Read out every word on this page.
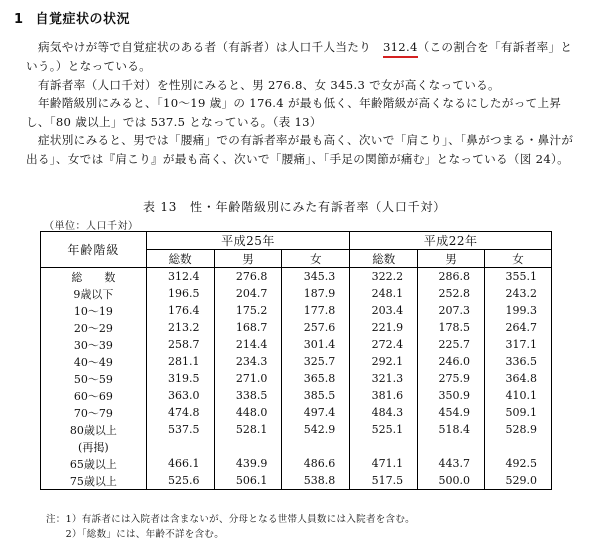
1 自覚症状の状況

病気やけが等で自覚症状のある者（有訴者）は人口千人当たり  312.4（この割合を「有訴者率」という。）となっている。

有訴者率（人口千対）を性別にみると、男 276.8、女 345.3 で女が高くなっている。

年齢階級別にみると、「10～19 歳」の 176.4 が最も低く、年齢階級が高くなるにしたがって上昇し、「80 歳以上」では 537.5 となっている。（表 13）

症状別にみると、男では「腰痛」での有訴者率が最も高く、次いで「肩こり」、「鼻がつまる・鼻汁が出る」、女では『肩こり』が最も高く、次いで「腰痛」、「手足の関節が痛む」となっている（図 24）。

表 13　性・年齢階級別にみた有訴者率（人口千対）
（単位：人口千対）
年齢階級	平成25年			平成22年		
	総数	男	女	総数	男	女
総　　数	312.4	276.8	345.3	322.2	286.8	355.1
9歳以下	196.5	204.7	187.9	248.1	252.8	243.2
10～19	176.4	175.2	177.8	203.4	207.3	199.3
20～29	213.2	168.7	257.6	221.9	178.5	264.7
30～39	258.7	214.4	301.4	272.4	225.7	317.1
40～49	281.1	234.3	325.7	292.1	246.0	336.5
50～59	319.5	271.0	365.8	321.3	275.9	364.8
60～69	363.0	338.5	385.5	381.6	350.9	410.1
70～79	474.8	448.0	497.4	484.3	454.9	509.1
80歳以上	537.5	528.1	542.9	525.1	518.4	528.9
(再掲)						
65歳以上	466.1	439.9	486.6	471.1	443.7	492.5
75歳以上	525.6	506.1	538.8	517.5	500.0	529.0
注：1）有訴者には入院者は含まないが、分母となる世帯人員数には入院者を含む。
　　2）「総数」には、年齢不詳を含む。
